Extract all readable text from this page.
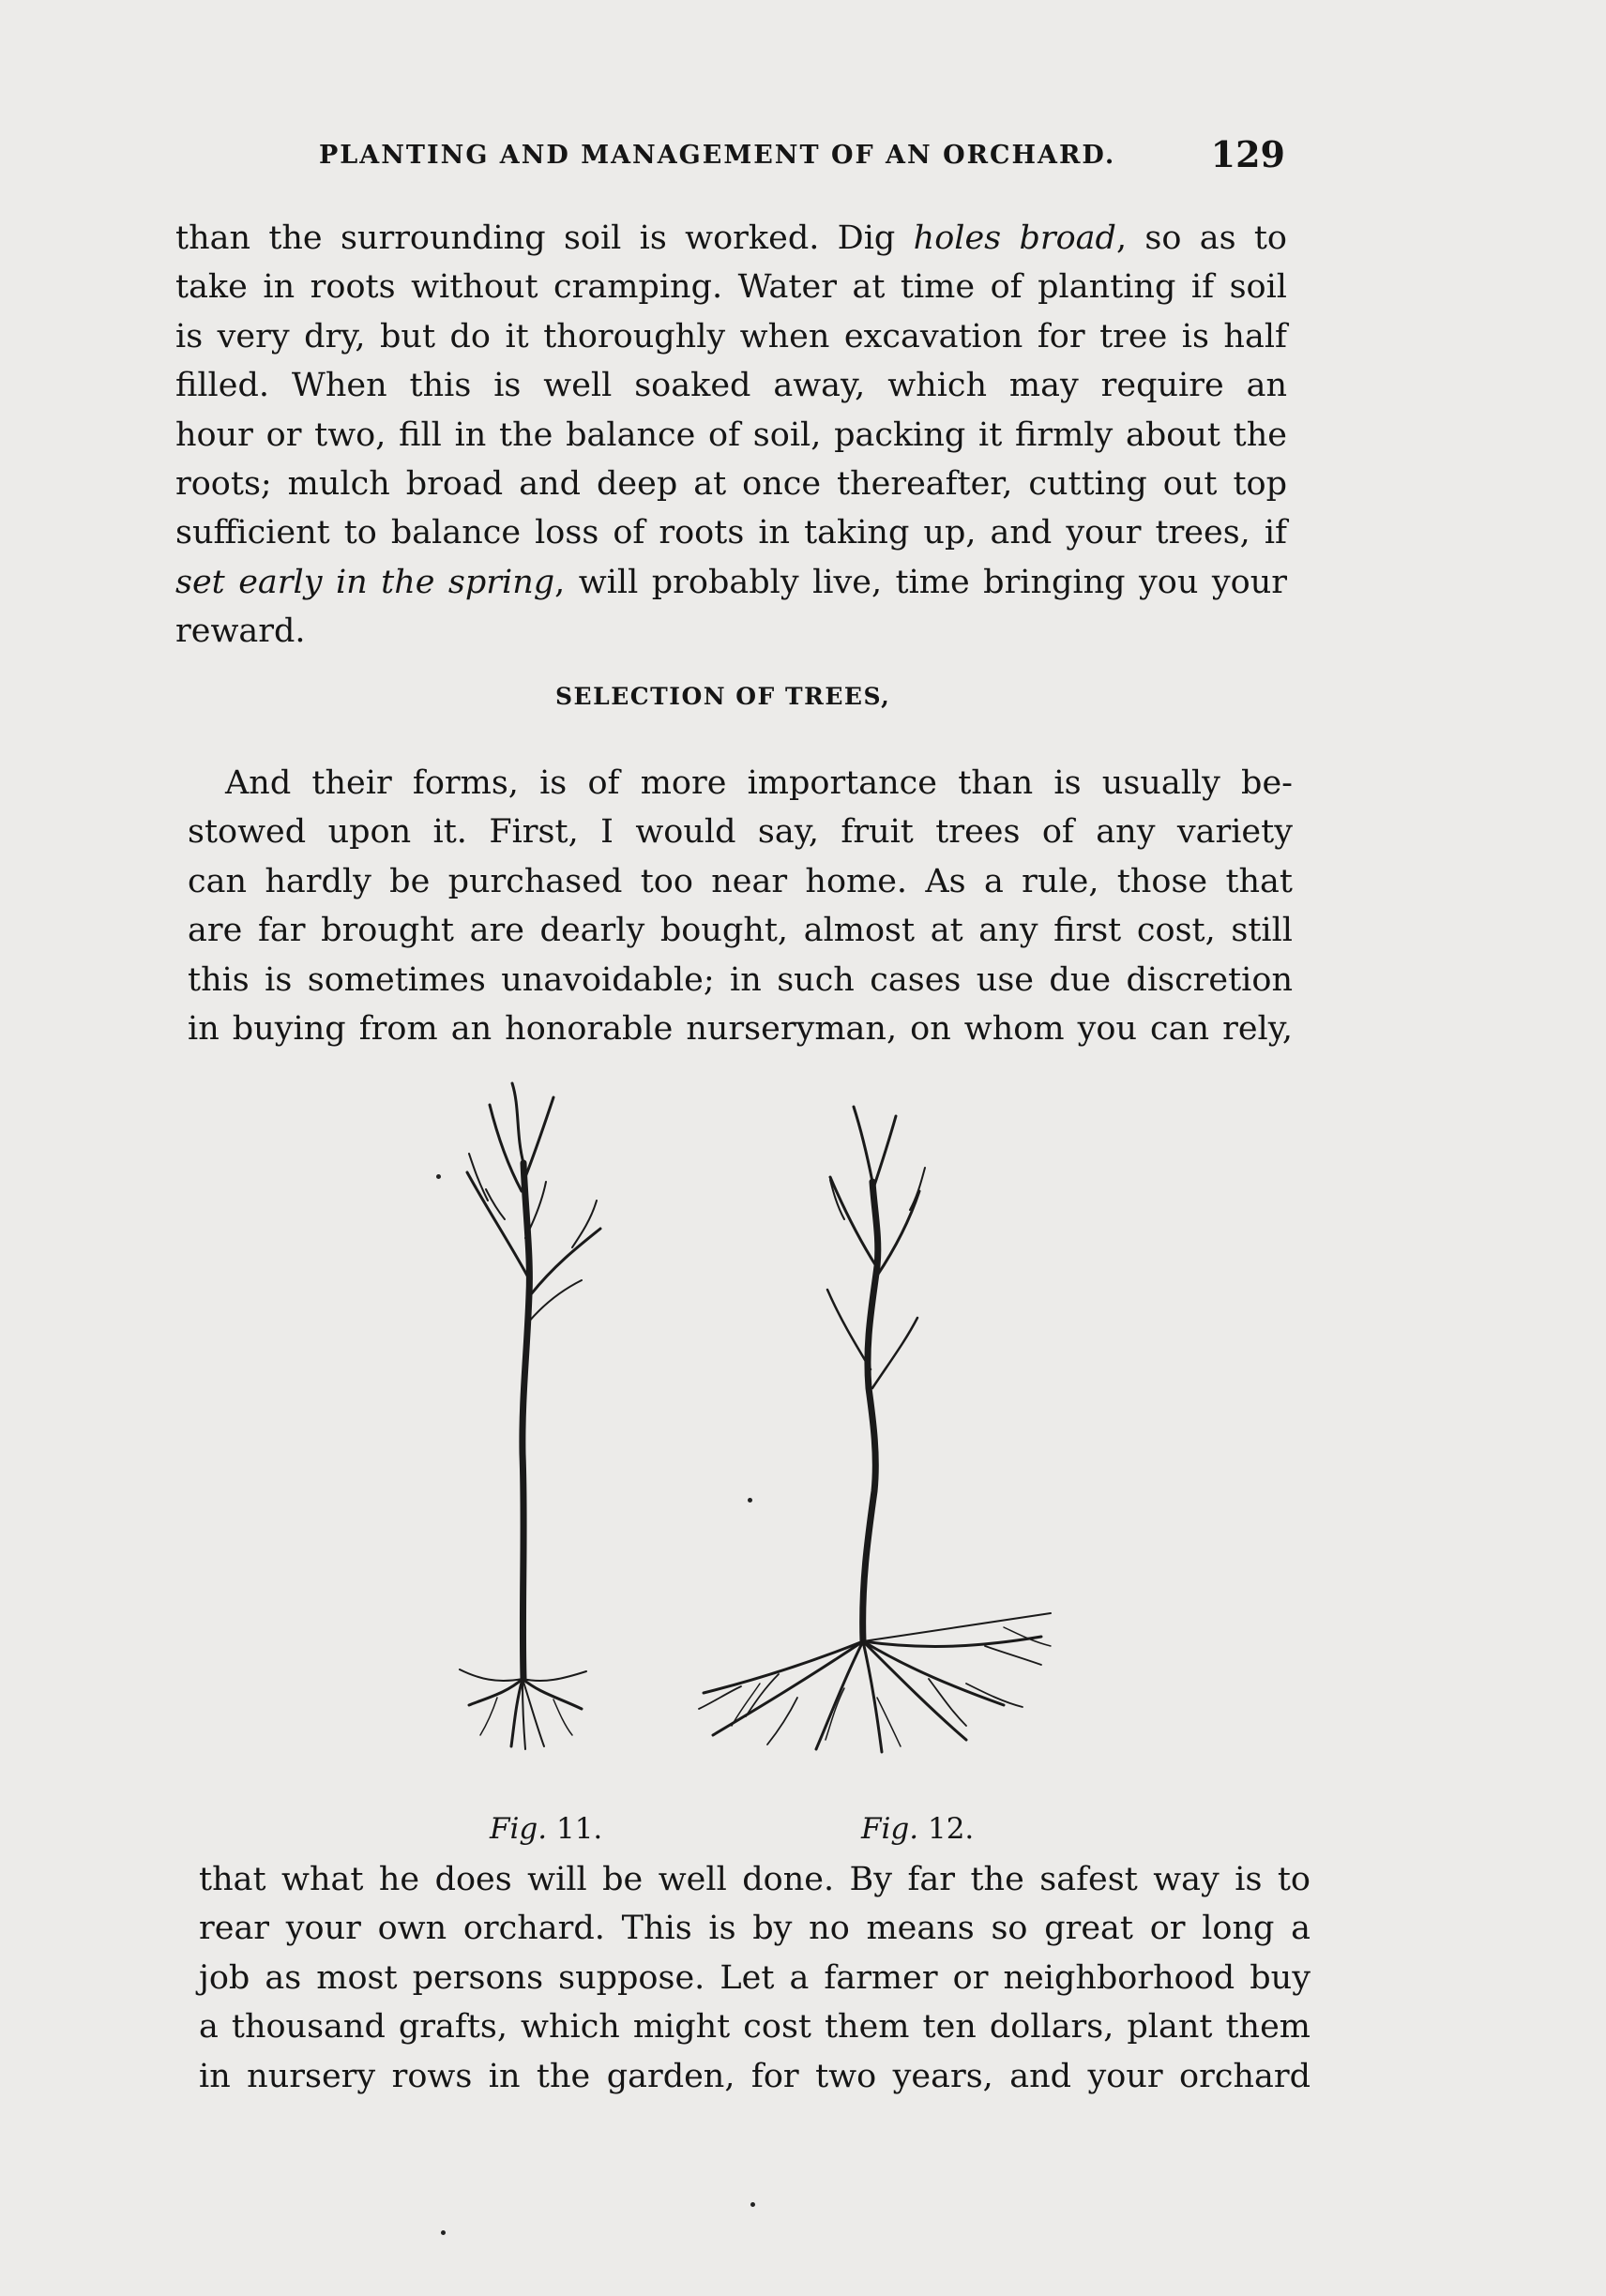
PLANTING AND MANAGEMENT OF AN ORCHARD.	129
than the surrounding soil is worked. Dig holes broad, so as to
take in roots without cramping. Water at time of planting if soil
is very dry, but do it thoroughly when excavation for tree is half
filled. When this is well soaked away, which may require an
hour or two, fill in the balance of soil, packing it firmly about the
roots; mulch broad and deep at once thereafter, cutting out top
sufficient to balance loss of roots in taking up, and your trees, if
set early in the spring, will probably live, time bringing you your
reward.
SELECTION OF TREES,
And their forms, is of more importance than is usually be-
stowed upon it. First, I would say, fruit trees of any variety
can hardly be purchased too near home. As a rule, those that
are far brought are dearly bought, almost at any first cost, still
this is sometimes unavoidable; in such cases use due discretion
in buying from an honorable nurseryman, on whom you can rely,
Fig. 11.	Fig. 12.
that what he does will be well done. By far the safest way is to
rear your own orchard. This is by no means so great or long a
job as most persons suppose. Let a farmer or neighborhood buy
a thousand grafts, which might cost them ten dollars, plant them
in nursery rows in the garden, for two years, and your orchard
